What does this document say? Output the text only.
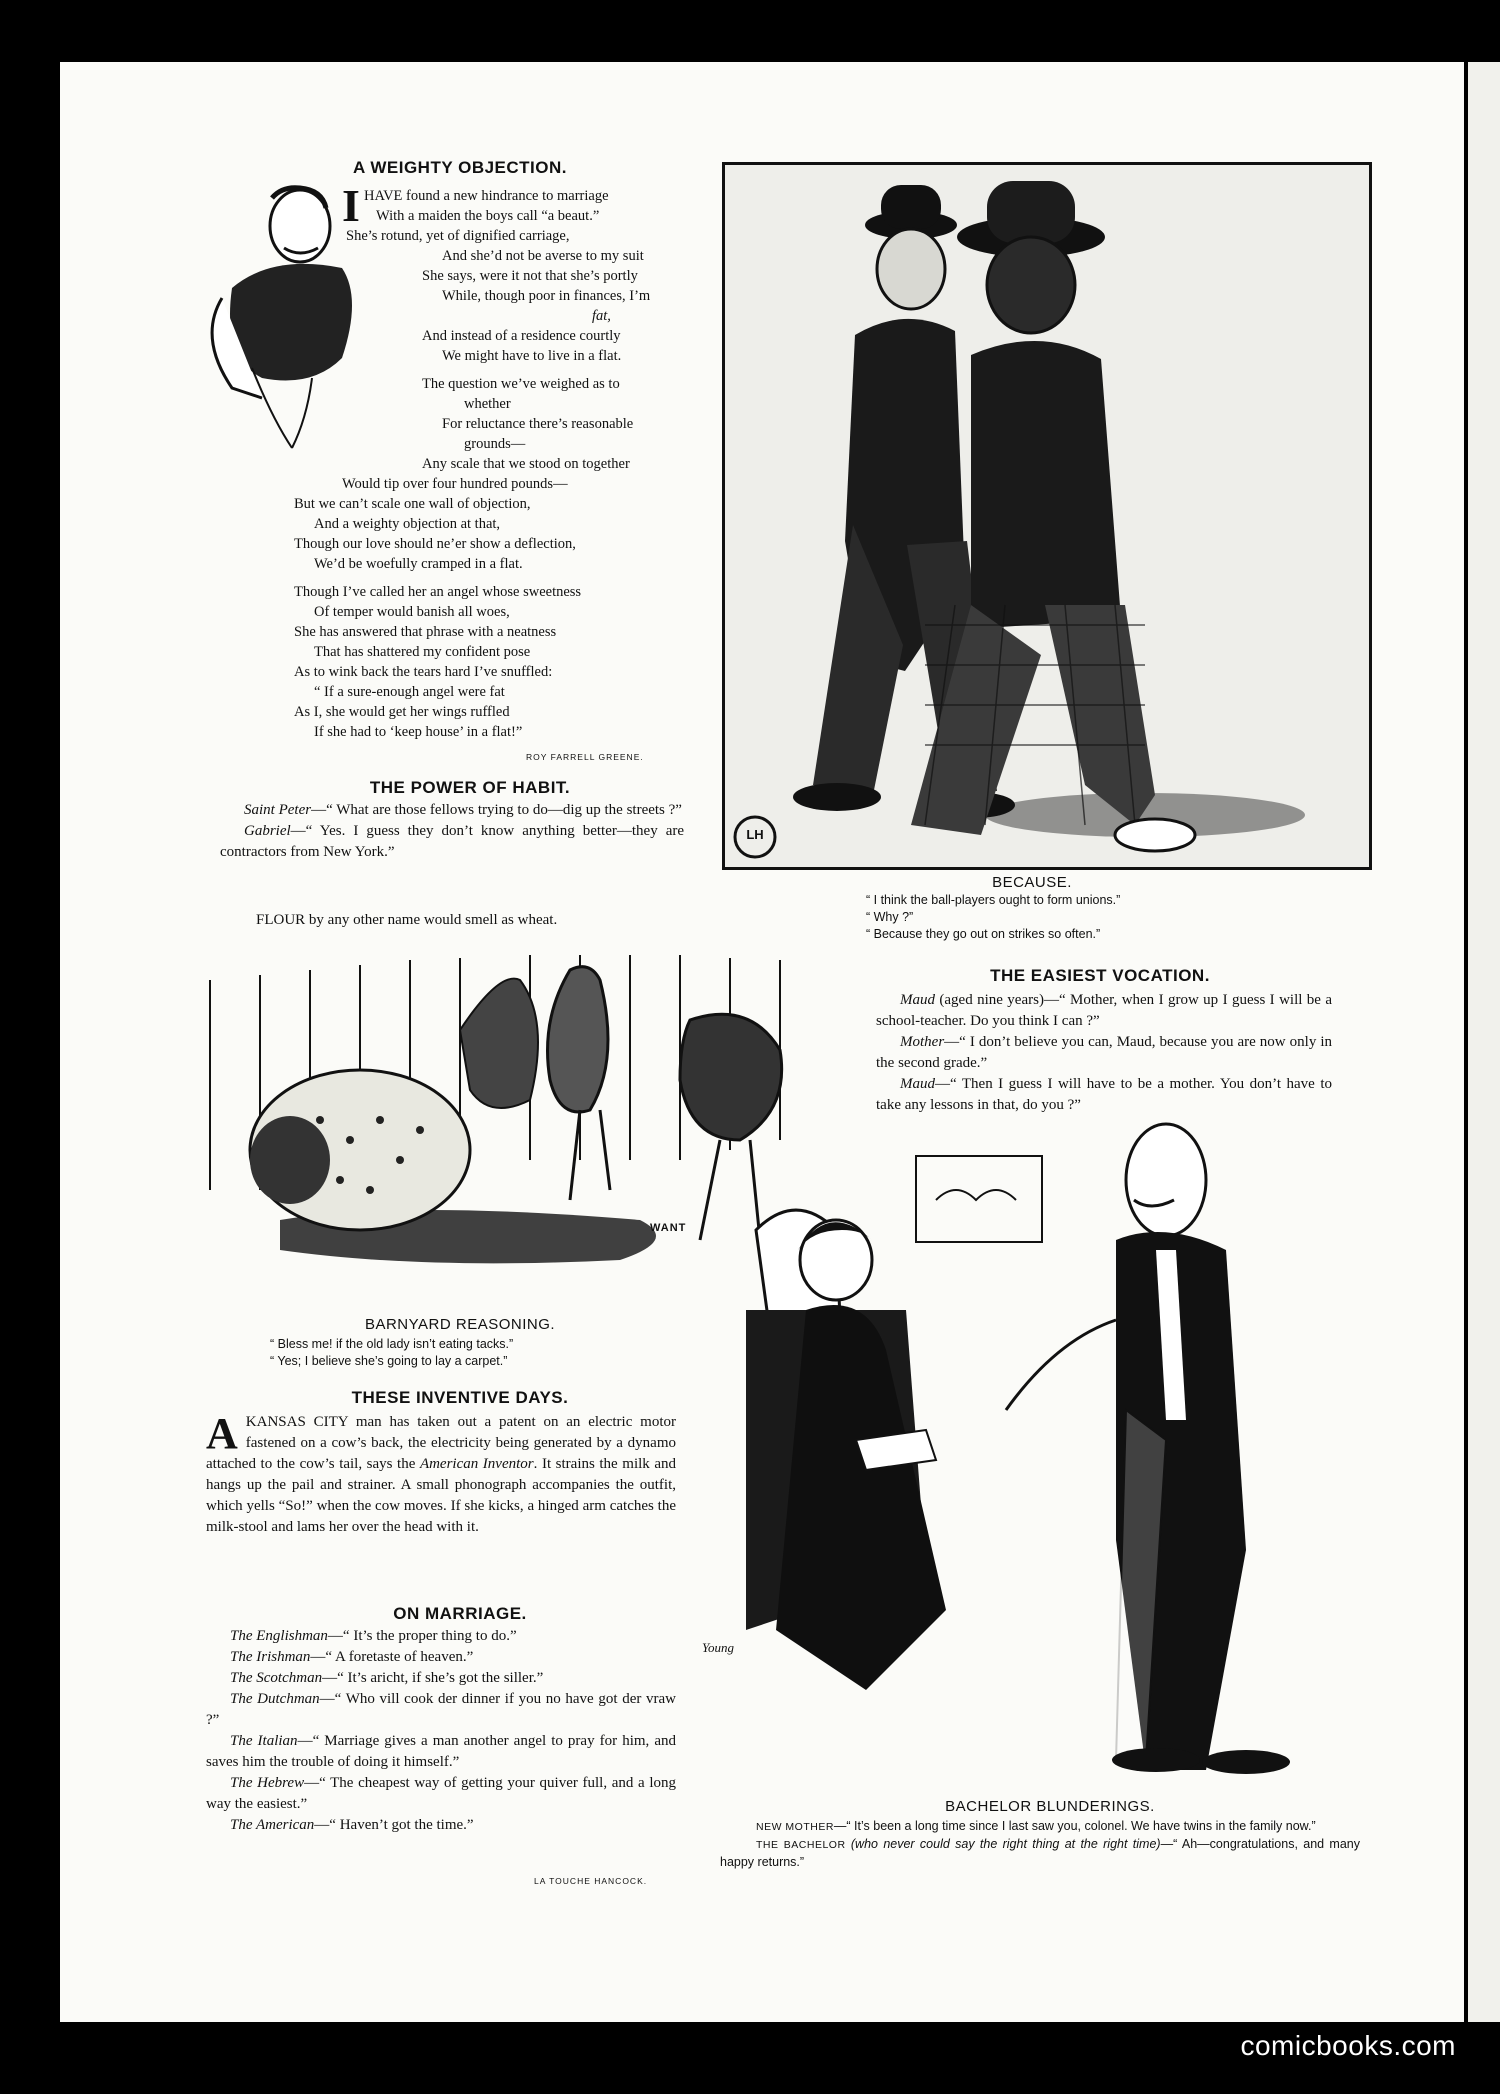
A WEIGHTY OBJECTION.
I HAVE found a new hindrance to marriage
With a maiden the boys call “a beaut.”
She’s rotund, yet of dignified carriage,
And she’d not be averse to my suit
She says, were it not that she’s portly
While, though poor in finances, I’m
fat,
And instead of a residence courtly
We might have to live in a flat.
The question we’ve weighed as to
whether
For reluctance there’s reasonable
grounds—
Any scale that we stood on together
Would tip over four hundred pounds—
But we can’t scale one wall of objection,
And a weighty objection at that,
Though our love should ne’er show a deflection,
We’d be woefully cramped in a flat.
Though I’ve called her an angel whose sweetness
Of temper would banish all woes,
She has answered that phrase with a neatness
That has shattered my confident pose
As to wink back the tears hard I’ve snuffled:
“ If a sure-enough angel were fat
As I, she would get her wings ruffled
If she had to ‘keep house’ in a flat!”
ROY FARRELL GREENE.
THE POWER OF HABIT.

Saint Peter—“ What are those fellows trying to do—dig up the streets ?”

Gabriel—“ Yes. I guess they don’t know anything better—they are contractors from New York.”

FLOUR by any other name would smell as wheat.
LH
BECAUSE.
“ I think the ball-players ought to form unions.”
“ Why ?”
“ Because they go out on strikes so often.”
THE EASIEST VOCATION.

Maud (aged nine years)—“ Mother, when I grow up I guess I will be a school-teacher. Do you think I can ?”

Mother—“ I don’t believe you can, Maud, because you are now only in the second grade.”

Maud—“ Then I guess I will have to be a mother. You don’t have to take any lessons in that, do you ?”

WANT
BARNYARD REASONING.
“ Bless me! if the old lady isn’t eating tacks.”
“ Yes; I believe she’s going to lay a carpet.”
THESE INVENTIVE DAYS.
AKANSAS CITY man has taken out a patent on an electric motor fastened on a cow’s back, the electricity being generated by a dynamo attached to the cow’s tail, says the American Inventor. It strains the milk and hangs up the pail and strainer. A small phonograph accompanies the outfit, which yells “So!” when the cow moves. If she kicks, a hinged arm catches the milk-stool and lams her over the head with it.
ON MARRIAGE.

The Englishman—“ It’s the proper thing to do.”

The Irishman—“ A foretaste of heaven.”

The Scotchman—“ It’s aricht, if she’s got the siller.”

The Dutchman—“ Who vill cook der dinner if you no have got der vraw ?”

The Italian—“ Marriage gives a man another angel to pray for him, and saves him the trouble of doing it himself.”

The Hebrew—“ The cheapest way of getting your quiver full, and a long way the easiest.”

The American—“ Haven’t got the time.”

LA TOUCHE HANCOCK.
Young
BACHELOR BLUNDERINGS.
NEW MOTHER—“ It’s been a long time since I last saw you, colonel. We have twins in the family now.”
THE BACHELOR (who never could say the right thing at the right time)—“ Ah—congratulations, and many happy returns.”
comicbooks.com
